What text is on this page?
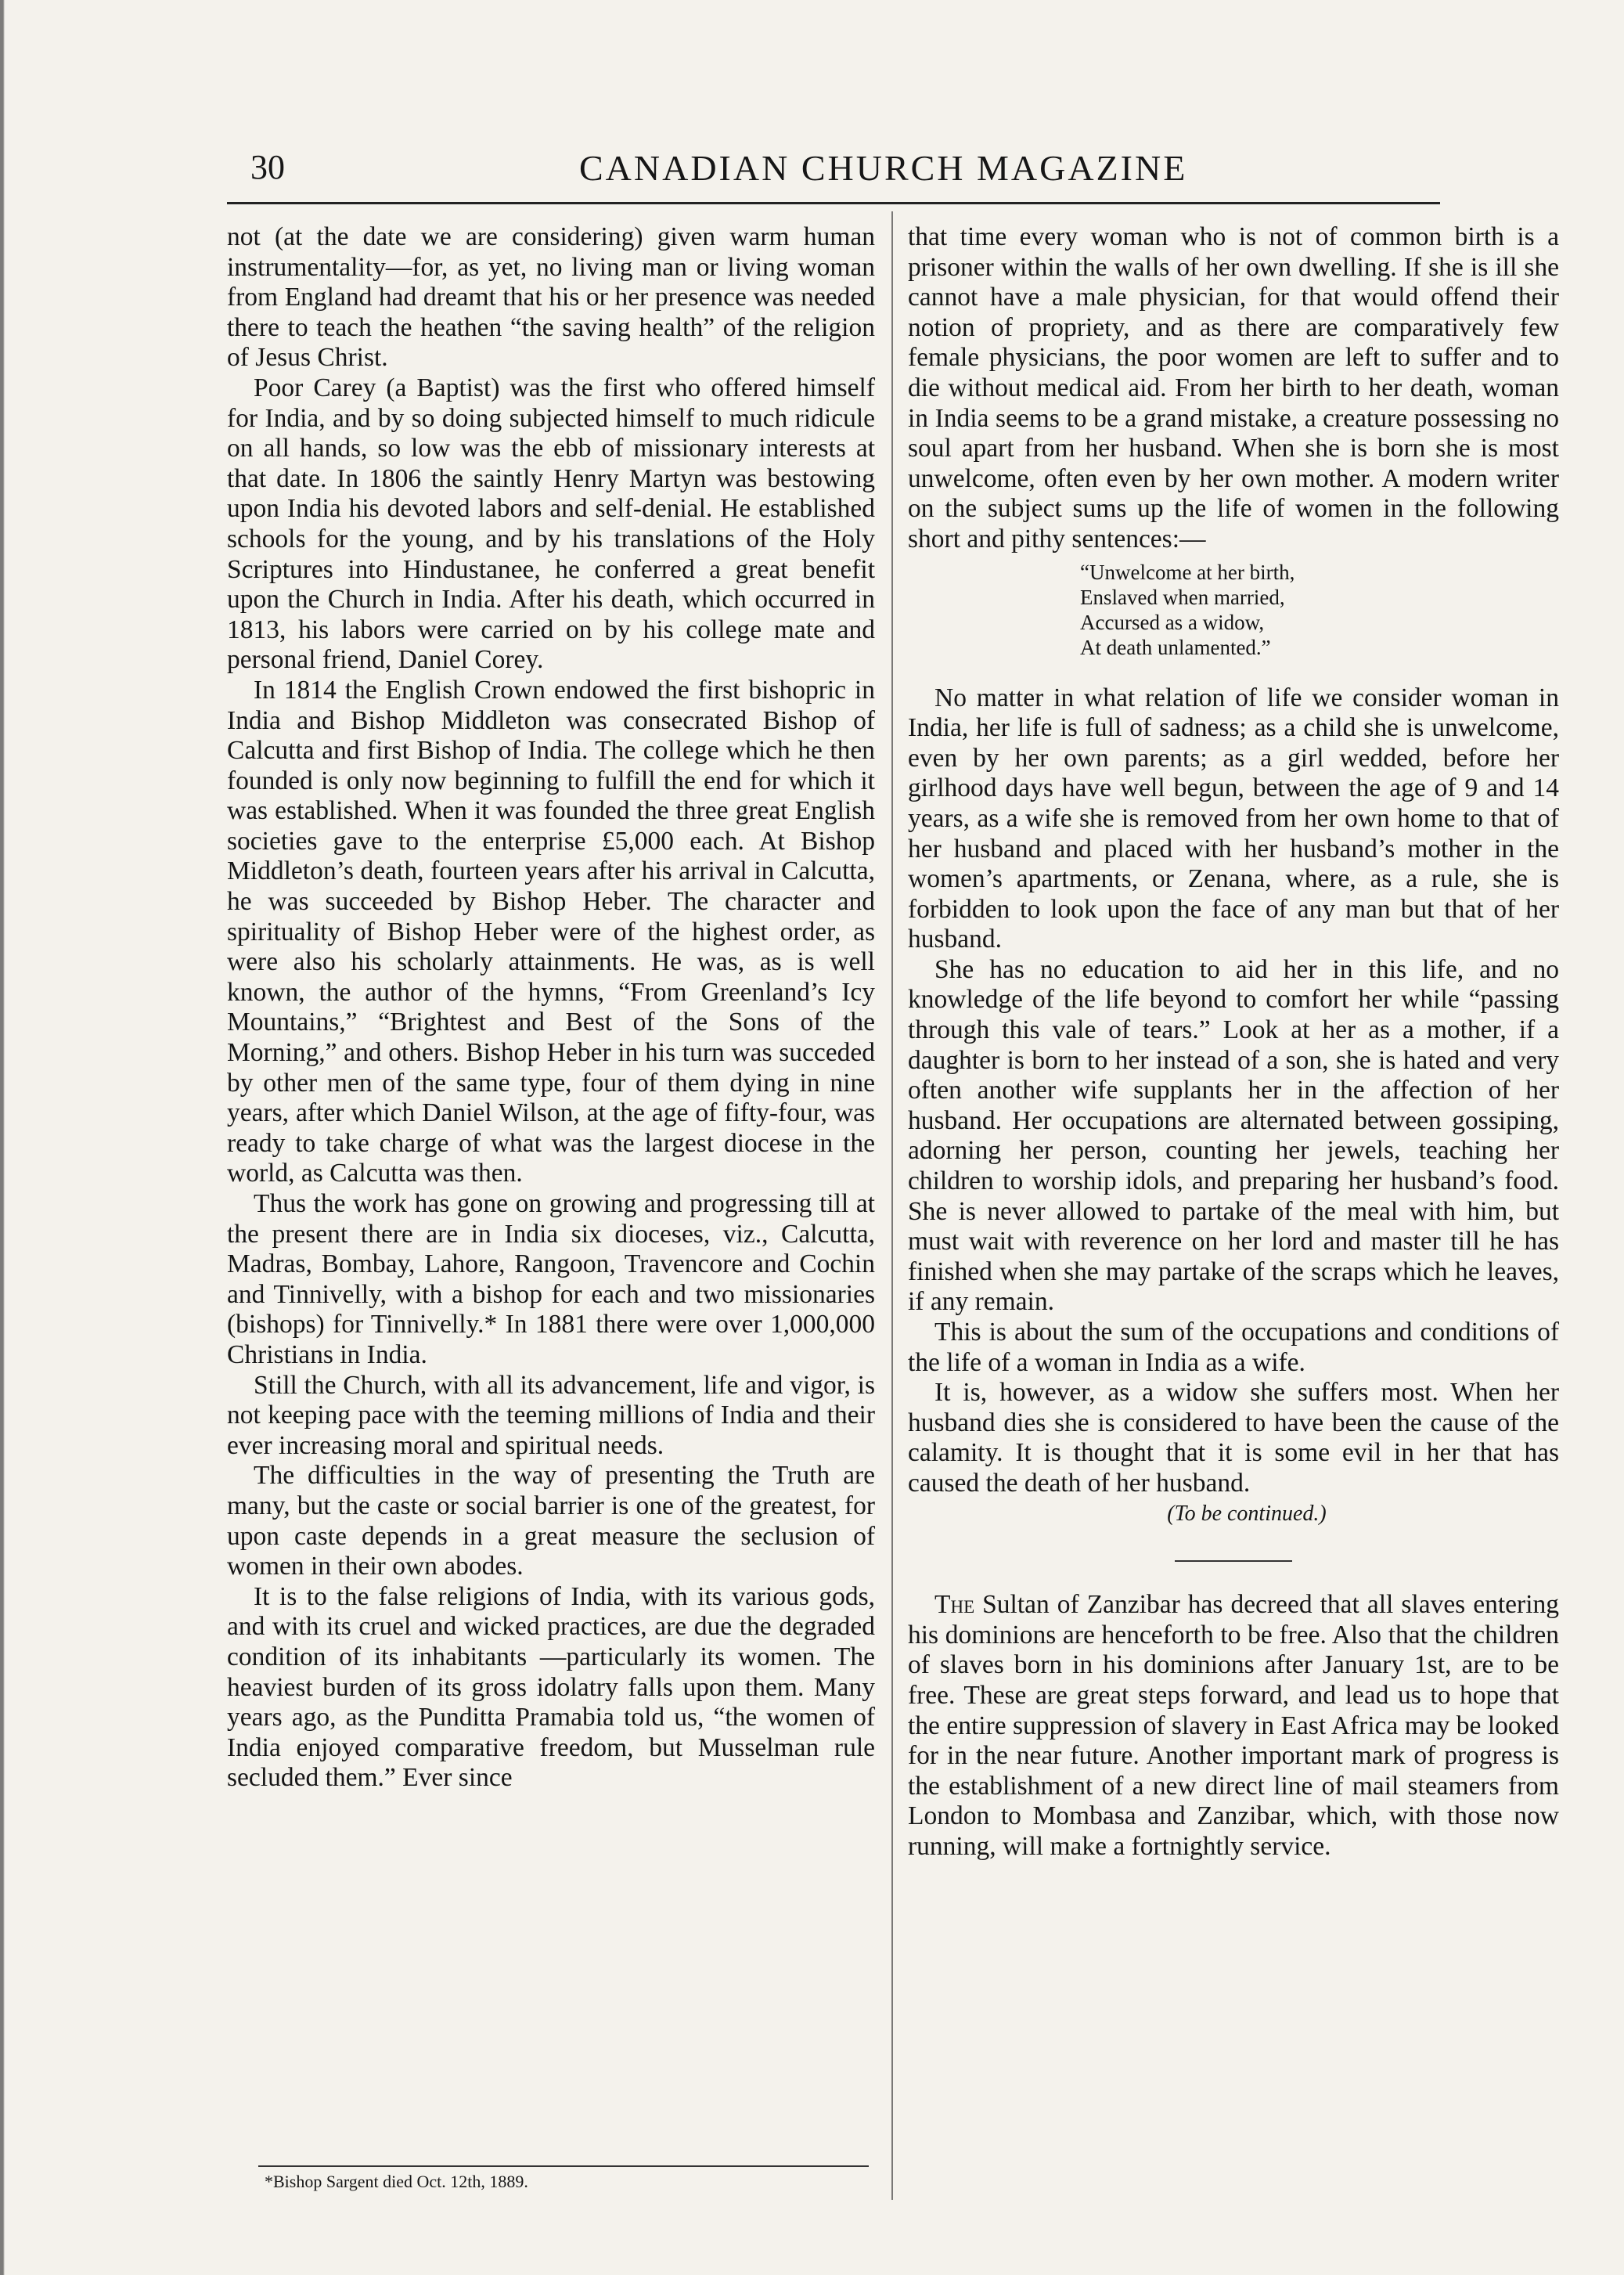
30	CANADIAN CHURCH MAGAZINE

not (at the date we are considering) given warm human instrumentality—for, as yet, no living man or living woman from England had dreamt that his or her presence was needed there to teach the heathen “the saving health” of the religion of Jesus Christ.

Poor Carey (a Baptist) was the first who offered himself for India, and by so doing subjected himself to much ridicule on all hands, so low was the ebb of missionary interests at that date. In 1806 the saintly Henry Martyn was bestowing upon India his devoted labors and self-denial. He established schools for the young, and by his translations of the Holy Scriptures into Hindustanee, he conferred a great benefit upon the Church in India. After his death, which occurred in 1813, his labors were carried on by his college mate and personal friend, Daniel Corey.

In 1814 the English Crown endowed the first bishopric in India and Bishop Middleton was consecrated Bishop of Calcutta and first Bishop of India. The college which he then founded is only now beginning to fulfill the end for which it was established. When it was founded the three great English societies gave to the enterprise £5,000 each. At Bishop Middleton’s death, fourteen years after his arrival in Calcutta, he was succeeded by Bishop Heber. The character and spirituality of Bishop Heber were of the highest order, as were also his scholarly attainments. He was, as is well known, the author of the hymns, “From Greenland’s Icy Mountains,” “Brightest and Best of the Sons of the Morning,” and others. Bishop Heber in his turn was succeded by other men of the same type, four of them dying in nine years, after which Daniel Wilson, at the age of fifty-four, was ready to take charge of what was the largest diocese in the world, as Calcutta was then.

Thus the work has gone on growing and progressing till at the present there are in India six dioceses, viz., Calcutta, Madras, Bombay, Lahore, Rangoon, Travencore and Cochin and Tinnivelly, with a bishop for each and two missionaries (bishops) for Tinnivelly.* In 1881 there were over 1,000,000 Christians in India.

Still the Church, with all its advancement, life and vigor, is not keeping pace with the teeming millions of India and their ever increasing moral and spiritual needs.

The difficulties in the way of presenting the Truth are many, but the caste or social barrier is one of the greatest, for upon caste depends in a great measure the seclusion of women in their own abodes.

It is to the false religions of India, with its various gods, and with its cruel and wicked practices, are due the degraded condition of its inhabitants —particularly its women. The heaviest burden of its gross idolatry falls upon them. Many years ago, as the Punditta Pramabia told us, “the women of India enjoyed comparative freedom, but Musselman rule secluded them.” Ever since

that time every woman who is not of common birth is a prisoner within the walls of her own dwelling. If she is ill she cannot have a male physician, for that would offend their notion of propriety, and as there are comparatively few female physicians, the poor women are left to suffer and to die without medical aid. From her birth to her death, woman in India seems to be a grand mistake, a creature possessing no soul apart from her husband. When she is born she is most unwelcome, often even by her own mother. A modern writer on the subject sums up the life of women in the following short and pithy sentences:—

“Unwelcome at her birth,
Enslaved when married,
Accursed as a widow,
At death unlamented.”

No matter in what relation of life we consider woman in India, her life is full of sadness; as a child she is unwelcome, even by her own parents; as a girl wedded, before her girlhood days have well begun, between the age of 9 and 14 years, as a wife she is removed from her own home to that of her husband and placed with her husband’s mother in the women’s apartments, or Zenana, where, as a rule, she is forbidden to look upon the face of any man but that of her husband.

She has no education to aid her in this life, and no knowledge of the life beyond to comfort her while “passing through this vale of tears.” Look at her as a mother, if a daughter is born to her instead of a son, she is hated and very often another wife supplants her in the affection of her husband. Her occupations are alternated between gossiping, adorning her person, counting her jewels, teaching her children to worship idols, and preparing her husband’s food. She is never allowed to partake of the meal with him, but must wait with reverence on her lord and master till he has finished when she may partake of the scraps which he leaves, if any remain.

This is about the sum of the occupations and conditions of the life of a woman in India as a wife.

It is, however, as a widow she suffers most. When her husband dies she is considered to have been the cause of the calamity. It is thought that it is some evil in her that has caused the death of her husband.

(To be continued.)

The Sultan of Zanzibar has decreed that all slaves entering his dominions are henceforth to be free. Also that the children of slaves born in his dominions after January 1st, are to be free. These are great steps forward, and lead us to hope that the entire suppression of slavery in East Africa may be looked for in the near future. Another important mark of progress is the establishment of a new direct line of mail steamers from London to Mombasa and Zanzibar, which, with those now running, will make a fortnightly service.

*Bishop Sargent died Oct. 12th, 1889.
